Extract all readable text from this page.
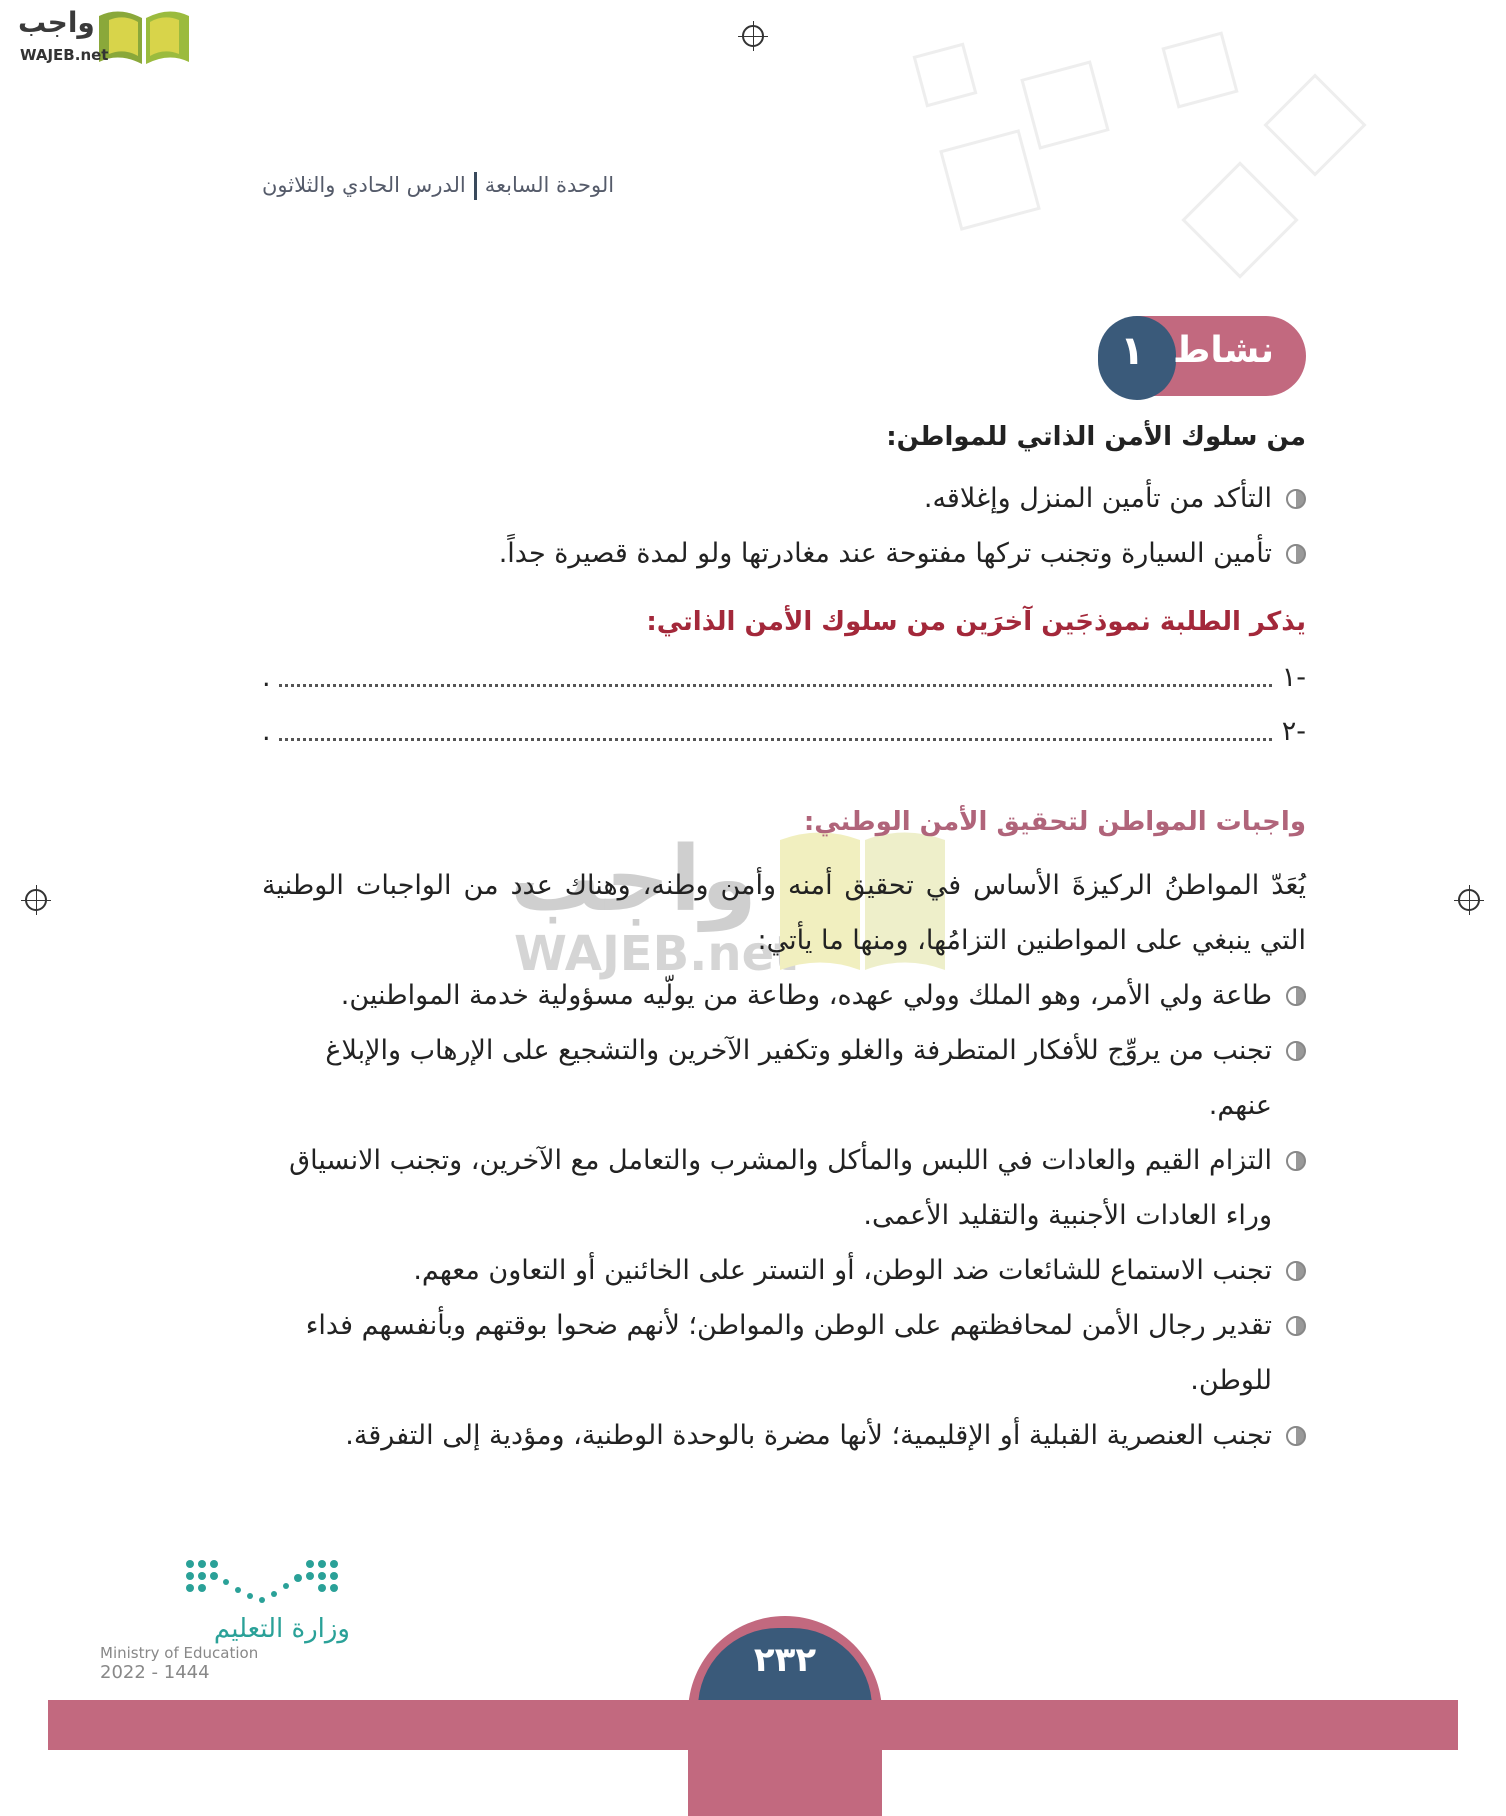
واجب
WAJEB.net
الوحدة السابعةالدرس الحادي والثلاثون
نشاط
١
من سلوك الأمن الذاتي للمواطن:
التأكد من تأمين المنزل وإغلاقه.
تأمين السيارة وتجنب تركها مفتوحة عند مغادرتها ولو لمدة قصيرة جداً.
يذكر الطلبة نموذجَين آخرَين من سلوك الأمن الذاتي:
-١
.
-٢
.
واجب
WAJEB.net
واجبات المواطن لتحقيق الأمن الوطني:
يُعَدّ المواطنُ الركيزةَ الأساس في تحقيق أمنه وأمن وطنه، وهناك عدد من الواجبات الوطنية التي ينبغي على المواطنين التزامُها، ومنها ما يأتي:
طاعة ولي الأمر، وهو الملك وولي عهده، وطاعة من يولّيه مسؤولية خدمة المواطنين.
تجنب من يروِّج للأفكار المتطرفة والغلو وتكفير الآخرين والتشجيع على الإرهاب والإبلاغ عنهم.
التزام القيم والعادات في اللبس والمأكل والمشرب والتعامل مع الآخرين، وتجنب الانسياق وراء العادات الأجنبية والتقليد الأعمى.
تجنب الاستماع للشائعات ضد الوطن، أو التستر على الخائنين أو التعاون معهم.
تقدير رجال الأمن لمحافظتهم على الوطن والمواطن؛ لأنهم ضحوا بوقتهم وبأنفسهم فداء للوطن.
تجنب العنصرية القبلية أو الإقليمية؛ لأنها مضرة بالوحدة الوطنية، ومؤدية إلى التفرقة.
وزارة التعليم
Ministry of Education
2022 - 1444	٢٣٢
